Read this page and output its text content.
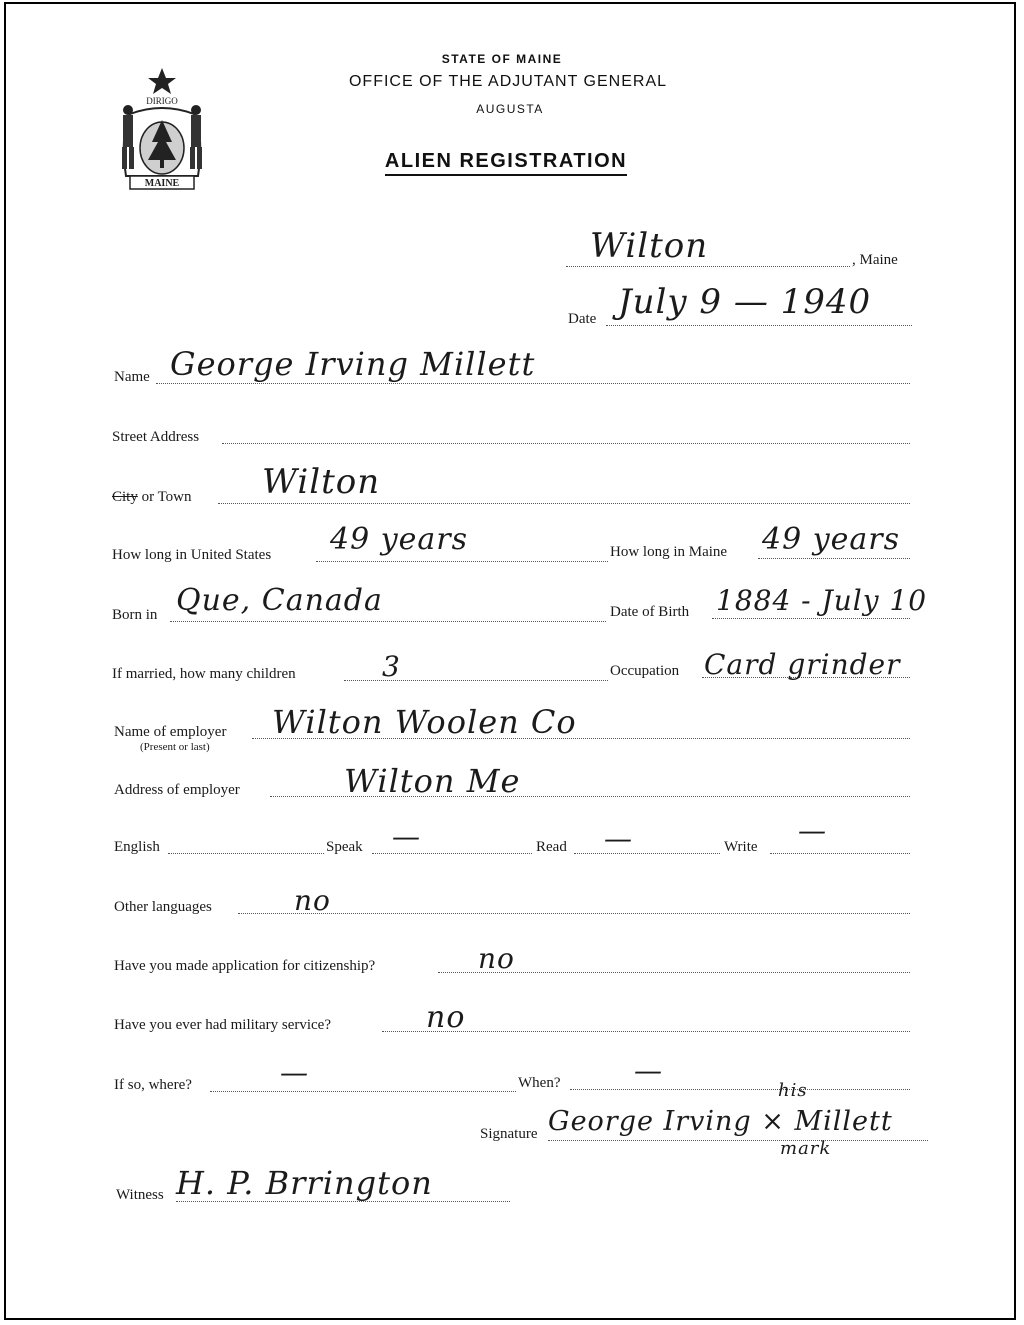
DIRIGO
MAINE
STATE OF MAINE
OFFICE OF THE ADJUTANT GENERAL
AUGUSTA
ALIEN REGISTRATION
Wilton	, Maine
Date July 9 — 1940
Name George Irving Millett
Street Address
City or Town Wilton
How long in United States 49 years	How long in Maine 49 years
Born in Que, Canada	Date of Birth 1884 - July 10
If married, how many children	3	Occupation Card grinder
Name of employer
(Present or last)
Wilton Woolen Co
Address of employer	Wilton Me
English	Speak —	Read —	Write —
Other languages	no
Have you made application for citizenship?	no
Have you ever had military service?	no
If so, where?	—	When?	—
Signature
his
George Irving × Millett
mark
Witness H. P. Brrington
